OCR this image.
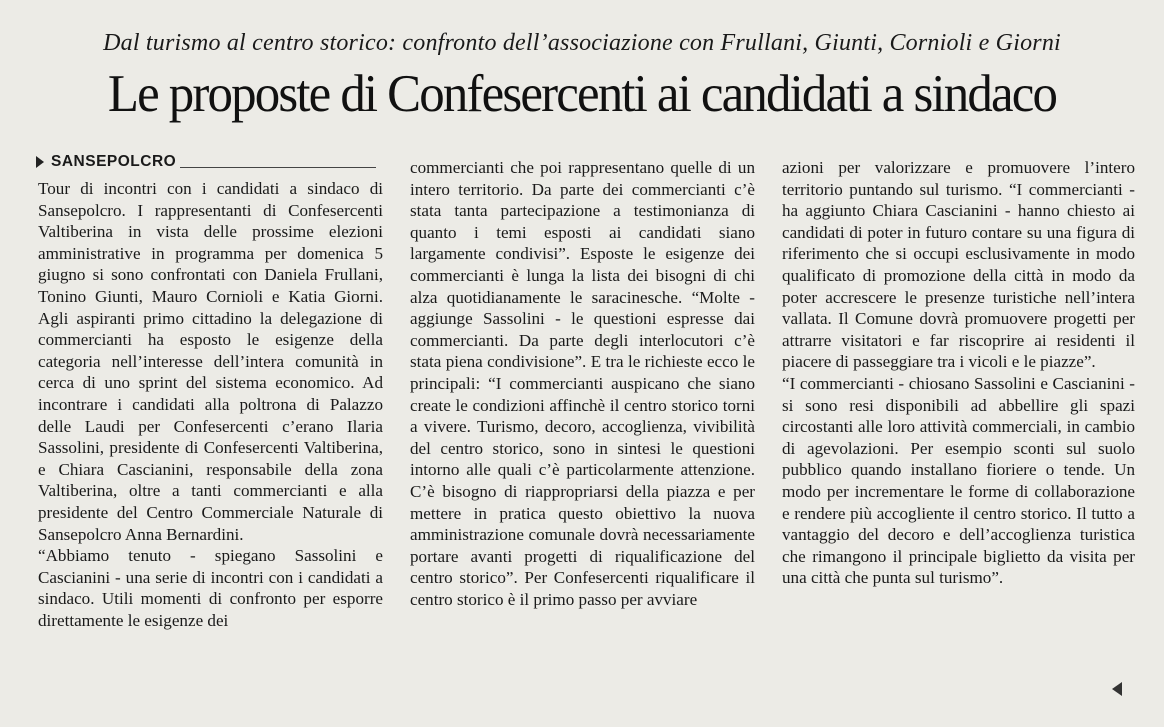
Dal turismo al centro storico: confronto dell’associazione con Frullani, Giunti, Cornioli e Giorni
Le proposte di Confesercenti ai candidati a sindaco
SANSEPOLCRO

Tour di incontri con i candidati a sindaco di Sansepolcro. I rappresentanti di Confesercenti Valtiberina in vista delle prossime elezioni amministrative in programma per domenica 5 giugno si sono confrontati con Daniela Frullani, Tonino Giunti, Mauro Cornioli e Katia Giorni. Agli aspiranti primo cittadino la delegazione di commercianti ha esposto le esigenze della categoria nell’interesse dell’intera comunità in cerca di uno sprint del sistema economico. Ad incontrare i candidati alla poltrona di Palazzo delle Laudi per Confesercenti c’erano Ilaria Sassolini, presidente di Confesercenti Valtiberina, e Chiara Cascianini, responsabile della zona Valtiberina, oltre a tanti commercianti e alla presidente del Centro Commerciale Naturale di Sansepolcro Anna Bernardini.

“Abbiamo tenuto - spiegano Sassolini e Cascianini - una serie di incontri con i candidati a sindaco. Utili momenti di confronto per esporre direttamente le esigenze dei

commercianti che poi rappresentano quelle di un intero territorio. Da parte dei commercianti c’è stata tanta partecipazione a testimonianza di quanto i temi esposti ai candidati siano largamente condivisi”. Esposte le esigenze dei commercianti è lunga la lista dei bisogni di chi alza quotidianamente le saracinesche. “Molte - aggiunge Sassolini - le questioni espresse dai commercianti. Da parte degli interlocutori c’è stata piena condivisione”. E tra le richieste ecco le principali: “I commercianti auspicano che siano create le condizioni affinchè il centro storico torni a vivere. Turismo, decoro, accoglienza, vivibilità del centro storico, sono in sintesi le questioni intorno alle quali c’è particolarmente attenzione. C’è bisogno di riappropriarsi della piazza e per mettere in pratica questo obiettivo la nuova amministrazione comunale dovrà necessariamente portare avanti progetti di riqualificazione del centro storico”. Per Confesercenti riqualificare il centro storico è il primo passo per avviare

azioni per valorizzare e promuovere l’intero territorio puntando sul turismo. “I commercianti - ha aggiunto Chiara Cascianini - hanno chiesto ai candidati di poter in futuro contare su una figura di riferimento che si occupi esclusivamente in modo qualificato di promozione della città in modo da poter accrescere le presenze turistiche nell’intera vallata. Il Comune dovrà promuovere progetti per attrarre visitatori e far riscoprire ai residenti il piacere di passeggiare tra i vicoli e le piazze”.

“I commercianti - chiosano Sassolini e Cascianini - si sono resi disponibili ad abbellire gli spazi circostanti alle loro attività commerciali, in cambio di agevolazioni. Per esempio sconti sul suolo pubblico quando installano fioriere o tende. Un modo per incrementare le forme di collaborazione e rendere più accogliente il centro storico. Il tutto a vantaggio del decoro e dell’accoglienza turistica che rimangono il principale biglietto da visita per una città che punta sul turismo”.
